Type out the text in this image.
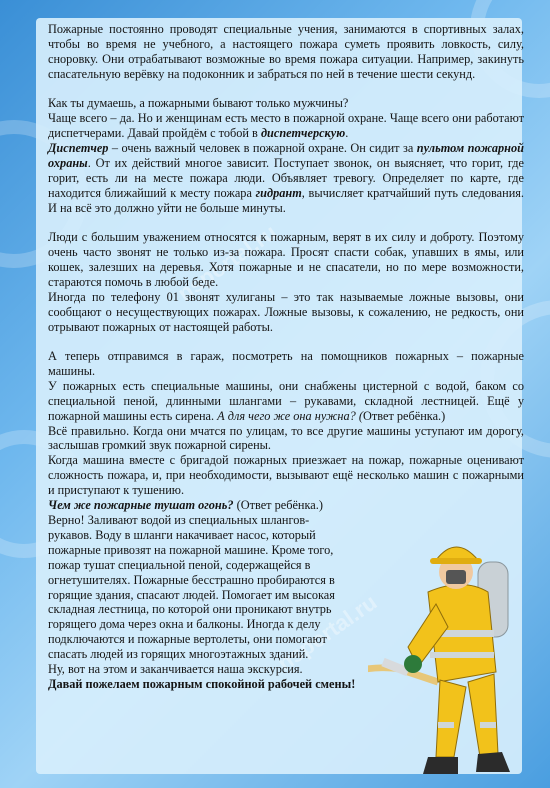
nsportal.ru
nsportal.ru

Пожарные постоянно проводят специальные учения, занимаются в спортивных залах, чтобы во время не учебного, а настоящего пожара суметь проявить ловкость, силу, сноровку. Они отрабатывают возможные во время пожара ситуации. Например, закинуть спасательную верёвку на подоконник и забраться по ней в течение шести секунд.

Как ты думаешь, а пожарными бывают только мужчины?

Чаще всего – да. Но и женщинам есть место в пожарной охране. Чаще всего они работают диспетчерами. Давай пройдём с тобой в диспетчерскую.

Диспетчер – очень важный человек в пожарной охране. Он сидит за пультом пожарной охраны. От их действий многое зависит. Поступает звонок, он выясняет, что горит, где горит, есть ли на месте пожара люди. Объявляет тревогу. Определяет по карте, где находится ближайший к месту пожара гидрант, вычисляет кратчайший путь следования. И на всё это должно уйти не больше минуты.

Люди с большим уважением относятся к пожарным, верят в их силу и доброту. Поэтому очень часто звонят не только из-за пожара. Просят спасти собак, упавших в ямы, или кошек, залезших на деревья. Хотя пожарные и не спасатели, но по мере возможности, стараются помочь в любой беде.

Иногда по телефону 01 звонят хулиганы – это так называемые ложные вызовы, они сообщают о несуществующих пожарах. Ложные вызовы, к сожалению, не редкость, они отрывают пожарных от настоящей работы.

А теперь отправимся в гараж, посмотреть на помощников пожарных – пожарные машины.

У пожарных есть специальные машины, они снабжены цистерной с водой, баком со специальной пеной, длинными шлангами – рукавами, складной лестницей. Ещё у пожарной машины есть сирена. А для чего же она нужна? (Ответ ребёнка.)

Всё правильно. Когда они мчатся по улицам, то все другие машины уступают им дорогу, заслышав громкий звук пожарной сирены.

Когда машина вместе с бригадой пожарных приезжает на пожар, пожарные оценивают сложность пожара, и, при необходимости, вызывают ещё несколько машин с пожарными и приступают к тушению.

Чем же пожарные тушат огонь? (Ответ ребёнка.)

Верно! Заливают водой из специальных шлангов-рукавов. Воду в шланги накачивает насос, который пожарные привозят на пожарной машине. Кроме того, пожар тушат специальной пеной, содержащейся в огнетушителях. Пожарные бесстрашно пробираются в горящие здания, спасают людей. Помогает им высокая складная лестница, по которой они проникают внутрь горящего дома через окна и балконы. Иногда к делу подключаются и пожарные вертолеты, они помогают спасать людей из горящих многоэтажных зданий.

Ну, вот на этом и заканчивается наша экскурсия.

Давай пожелаем пожарным спокойной рабочей смены!
